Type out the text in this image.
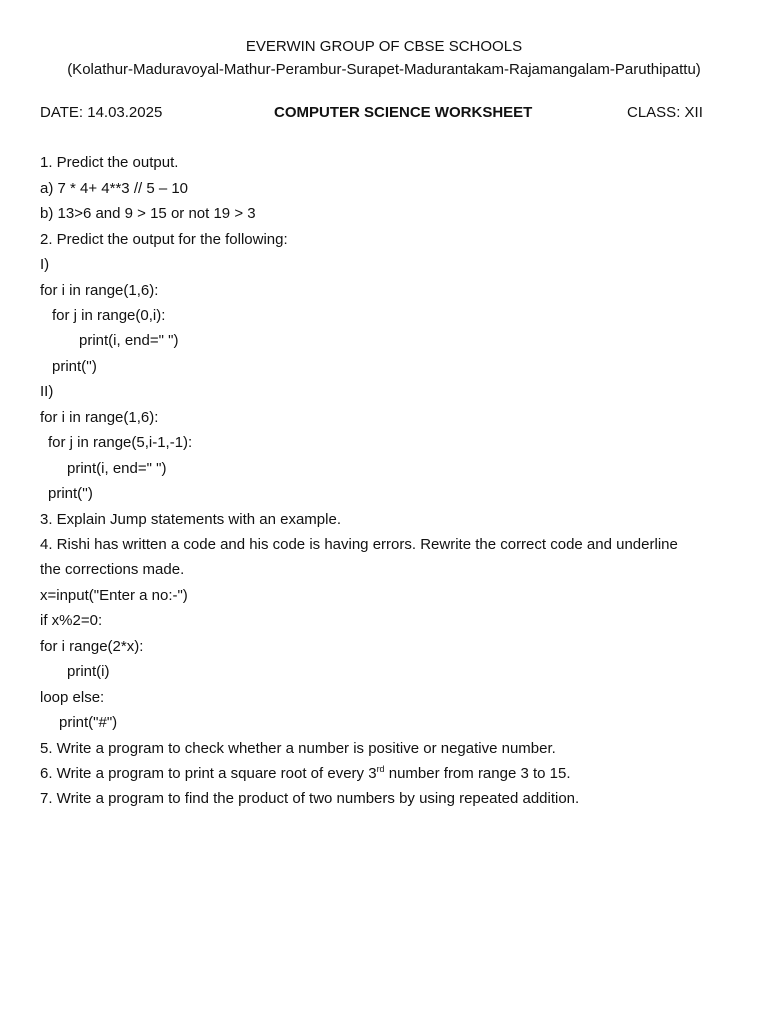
EVERWIN GROUP OF CBSE SCHOOLS
(Kolathur-Maduravoyal-Mathur-Perambur-Surapet-Madurantakam-Rajamangalam-Paruthipattu)
DATE: 14.03.2025	COMPUTER SCIENCE WORKSHEET	CLASS: XII
1. Predict the output.
a) 7 * 4+ 4**3 // 5 – 10
b) 13>6 and 9 > 15 or not 19 > 3
2. Predict the output for the following:
I)
for i in range(1,6):
for j in range(0,i):
print(i, end=" ")
print('')
II)
for i in range(1,6):
for j in range(5,i-1,-1):
print(i, end=" ")
print('')
3. Explain Jump statements with an example.
4. Rishi has written a code and his code is having errors. Rewrite the correct code and underline
the corrections made.
x=input("Enter a no:-")
if x%2=0:
for i range(2*x):
print(i)
loop else:
print("#")
5. Write a program to check whether a number is positive or negative number.
6. Write a program to print a square root of every 3rd number from range 3 to 15.
7. Write a program to find the product of two numbers by using repeated addition.
